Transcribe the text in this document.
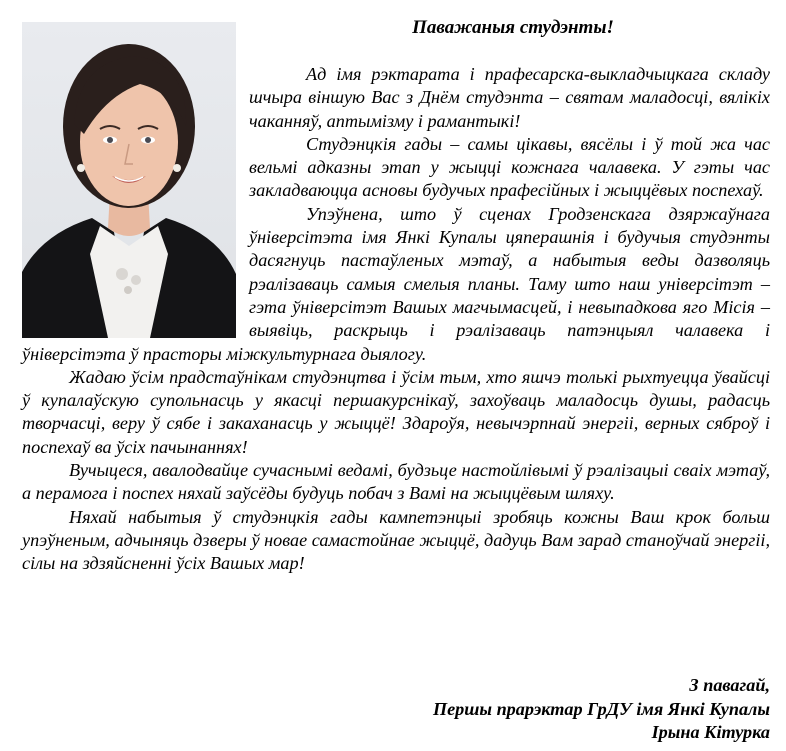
Паважаныя студэнты!

Ад імя рэктарата і прафесарска-выкладчыцкага складу шчыра віншую Вас з Днём студэнта – святам маладосці, вялікіх чаканняў, аптымізму і рамантыкі!

Студэнцкія гады – самы цікавы, вясёлы і ў той жа час вельмі адказны этап у жыцці кожнага чалавека. У гэты час закладваюцца асновы будучых прафесійных і жыццёвых поспехаў.

Упэўнена, што ў сценах Гродзенскага дзяржаўнага ўніверсітэта імя Янкі Купалы цяперашнія і будучыя студэнты дасягнуць пастаўленых мэтаў, а набытыя веды дазволяць рэалізаваць самыя смелыя планы. Таму што наш універсітэт – гэта ўніверсітэт Вашых магчымасцей, і невыпадкова яго Місія – выявіць, раскрыць і рэалізаваць патэнцыял чалавека і ўніверсітэта ў прасторы міжкультурнага дыялогу.

Жадаю ўсім прадстаўнікам студэнцтва і ўсім тым, хто яшчэ толькі рыхтуецца ўвайсці ў купалаўскую супольнасць у якасці першакурснікаў, захоўваць маладосць душы, радасць творчасці, веру ў сябе і закаханасць у жыццё! Здароўя, невычэрпнай энергіі, верных сяброў і поспехаў ва ўсіх пачынаннях!

Вучыцеся, авалодвайце сучаснымі ведамі, будзьце настойлівымі ў рэалізацыі сваіх мэтаў, а перамога і поспех няхай заўсёды будуць побач з Вамі на жыццёвым шляху.

Няхай набытыя ў студэнцкія гады кампетэнцыі зробяць кожны Ваш крок больш упэўненым, адчыняць дзверы ў новае самастойнае жыццё, дадуць Вам зарад станоўчай энергіі, сілы на здзяйсненні ўсіх Вашых мар!

З павагай,
Першы прарэктар ГрДУ імя Янкі Купалы
Ірына Кітурка
